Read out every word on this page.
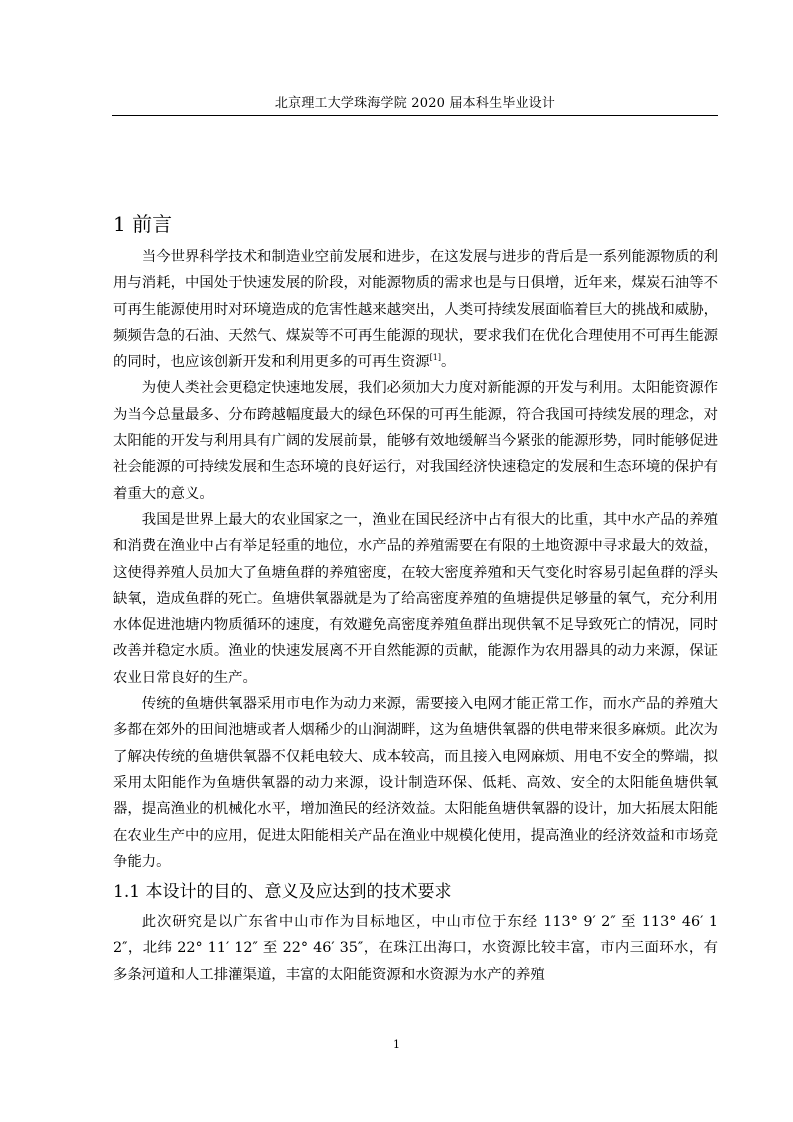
北京理工大学珠海学院 2020 届本科生毕业设计
1 前言

当今世界科学技术和制造业空前发展和进步，在这发展与进步的背后是一系列能源物质的利用与消耗，中国处于快速发展的阶段，对能源物质的需求也是与日俱增，近年来，煤炭石油等不可再生能源使用时对环境造成的危害性越来越突出，人类可持续发展面临着巨大的挑战和威胁，频频告急的石油、天然气、煤炭等不可再生能源的现状，要求我们在优化合理使用不可再生能源的同时，也应该创新开发和利用更多的可再生资源[1]。

为使人类社会更稳定快速地发展，我们必须加大力度对新能源的开发与利用。太阳能资源作为当今总量最多、分布跨越幅度最大的绿色环保的可再生能源，符合我国可持续发展的理念，对太阳能的开发与利用具有广阔的发展前景，能够有效地缓解当今紧张的能源形势，同时能够促进社会能源的可持续发展和生态环境的良好运行，对我国经济快速稳定的发展和生态环境的保护有着重大的意义。

我国是世界上最大的农业国家之一，渔业在国民经济中占有很大的比重，其中水产品的养殖和消费在渔业中占有举足轻重的地位，水产品的养殖需要在有限的土地资源中寻求最大的效益，这使得养殖人员加大了鱼塘鱼群的养殖密度，在较大密度养殖和天气变化时容易引起鱼群的浮头缺氧，造成鱼群的死亡。鱼塘供氧器就是为了给高密度养殖的鱼塘提供足够量的氧气，充分利用水体促进池塘内物质循环的速度，有效避免高密度养殖鱼群出现供氧不足导致死亡的情况，同时改善并稳定水质。渔业的快速发展离不开自然能源的贡献，能源作为农用器具的动力来源，保证农业日常良好的生产。

传统的鱼塘供氧器采用市电作为动力来源，需要接入电网才能正常工作，而水产品的养殖大多都在郊外的田间池塘或者人烟稀少的山涧湖畔，这为鱼塘供氧器的供电带来很多麻烦。此次为了解决传统的鱼塘供氧器不仅耗电较大、成本较高，而且接入电网麻烦、用电不安全的弊端，拟采用太阳能作为鱼塘供氧器的动力来源，设计制造环保、低耗、高效、安全的太阳能鱼塘供氧器，提高渔业的机械化水平，增加渔民的经济效益。太阳能鱼塘供氧器的设计，加大拓展太阳能在农业生产中的应用，促进太阳能相关产品在渔业中规模化使用，提高渔业的经济效益和市场竞争能力。

1.1 本设计的目的、意义及应达到的技术要求

此次研究是以广东省中山市作为目标地区，中山市位于东经 113° 9′ 2″ 至 113° 46′ 12″，北纬 22° 11′ 12″ 至 22° 46′ 35″，在珠江出海口，水资源比较丰富，市内三面环水，有多条河道和人工排灌渠道，丰富的太阳能资源和水资源为水产的养殖

1
